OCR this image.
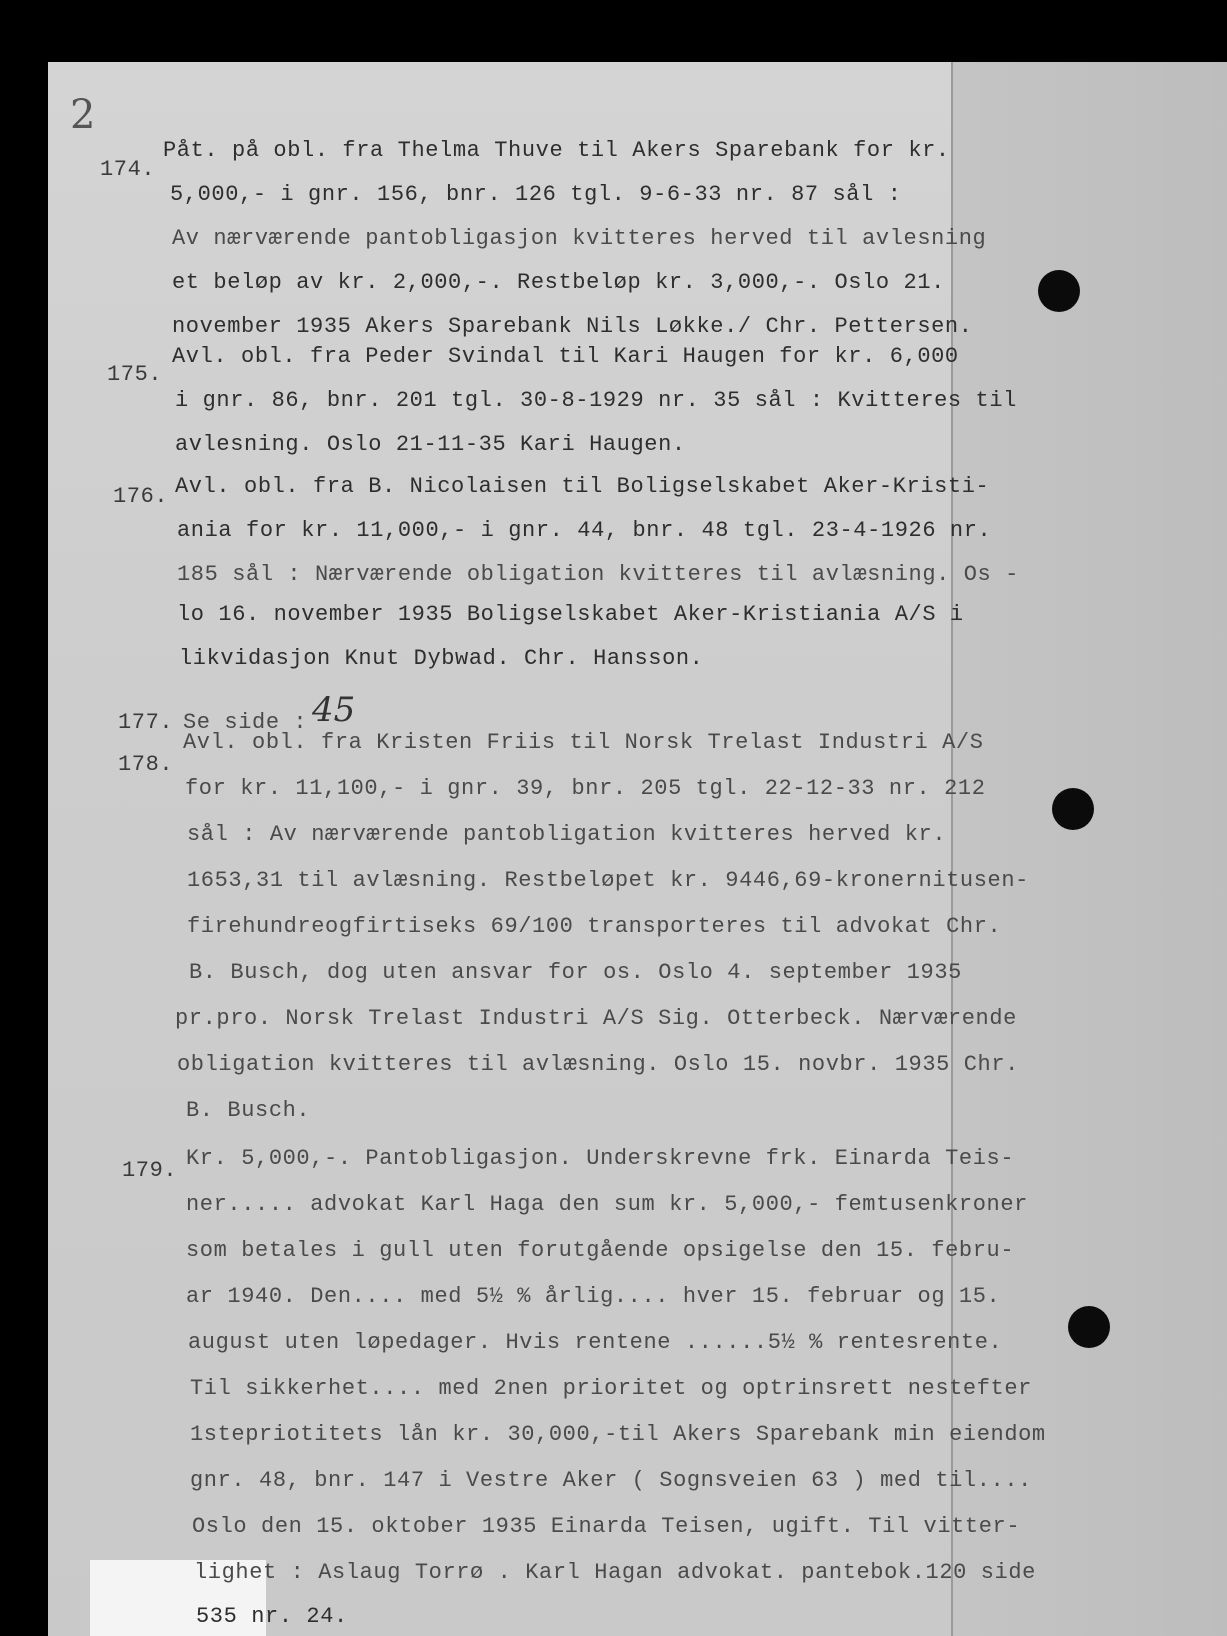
2
174.
Påt. på obl. fra Thelma Thuve til Akers Sparebank for kr.
5,000,- i gnr. 156, bnr. 126 tgl. 9-6-33 nr. 87 sål :
Av nærværende pantobligasjon kvitteres herved til avlesning
et beløp av kr. 2,000,-. Restbeløp kr. 3,000,-. Oslo 21.
november 1935 Akers Sparebank Nils Løkke./ Chr. Pettersen.
175.
Avl. obl. fra Peder Svindal til Kari Haugen for kr. 6,000
i gnr. 86, bnr. 201 tgl. 30-8-1929 nr. 35 sål : Kvitteres til
avlesning. Oslo 21-11-35 Kari Haugen.
176. Avl. obl. fra B. Nicolaisen til Boligselskabet Aker-Kristi-
ania for kr. 11,000,- i gnr. 44, bnr. 48 tgl. 23-4-1926 nr.
185 sål : Nærværende obligation kvitteres til avlæsning. Os -
lo 16. november 1935 Boligselskabet Aker-Kristiania A/S i
likvidasjon Knut Dybwad. Chr. Hansson.
177. Se side : 45
178.
Avl. obl. fra Kristen Friis til Norsk Trelast Industri A/S
for kr. 11,100,- i gnr. 39, bnr. 205 tgl. 22-12-33 nr. 212
sål : Av nærværende pantobligation kvitteres herved kr.
1653,31 til avlæsning. Restbeløpet kr. 9446,69-kronernitusen-
firehundreogfirtiseks 69/100 transporteres til advokat Chr.
B. Busch, dog uten ansvar for os. Oslo 4. september 1935
pr.pro. Norsk Trelast Industri A/S Sig. Otterbeck. Nærværende
obligation kvitteres til avlæsning. Oslo 15. novbr. 1935 Chr.
B. Busch.
179. Kr. 5,000,-. Pantobligasjon. Underskrevne frk. Einarda Teis-
ner..... advokat Karl Haga den sum kr. 5,000,- femtusenkroner
som betales i gull uten forutgående opsigelse den 15. febru-
ar 1940. Den.... med 5½ % årlig.... hver 15. februar og 15.
august uten løpedager. Hvis rentene ......5½ % rentesrente.
Til sikkerhet.... med 2nen prioritet og optrinsrett nestefter
1stepriotitets lån kr. 30,000,-til Akers Sparebank min eiendom
gnr. 48, bnr. 147 i Vestre Aker ( Sognsveien 63 ) med til....
Oslo den 15. oktober 1935 Einarda Teisen, ugift. Til vitter-
lighet : Aslaug Torrø . Karl Hagan advokat. pantebok.120 side
535 nr. 24.
